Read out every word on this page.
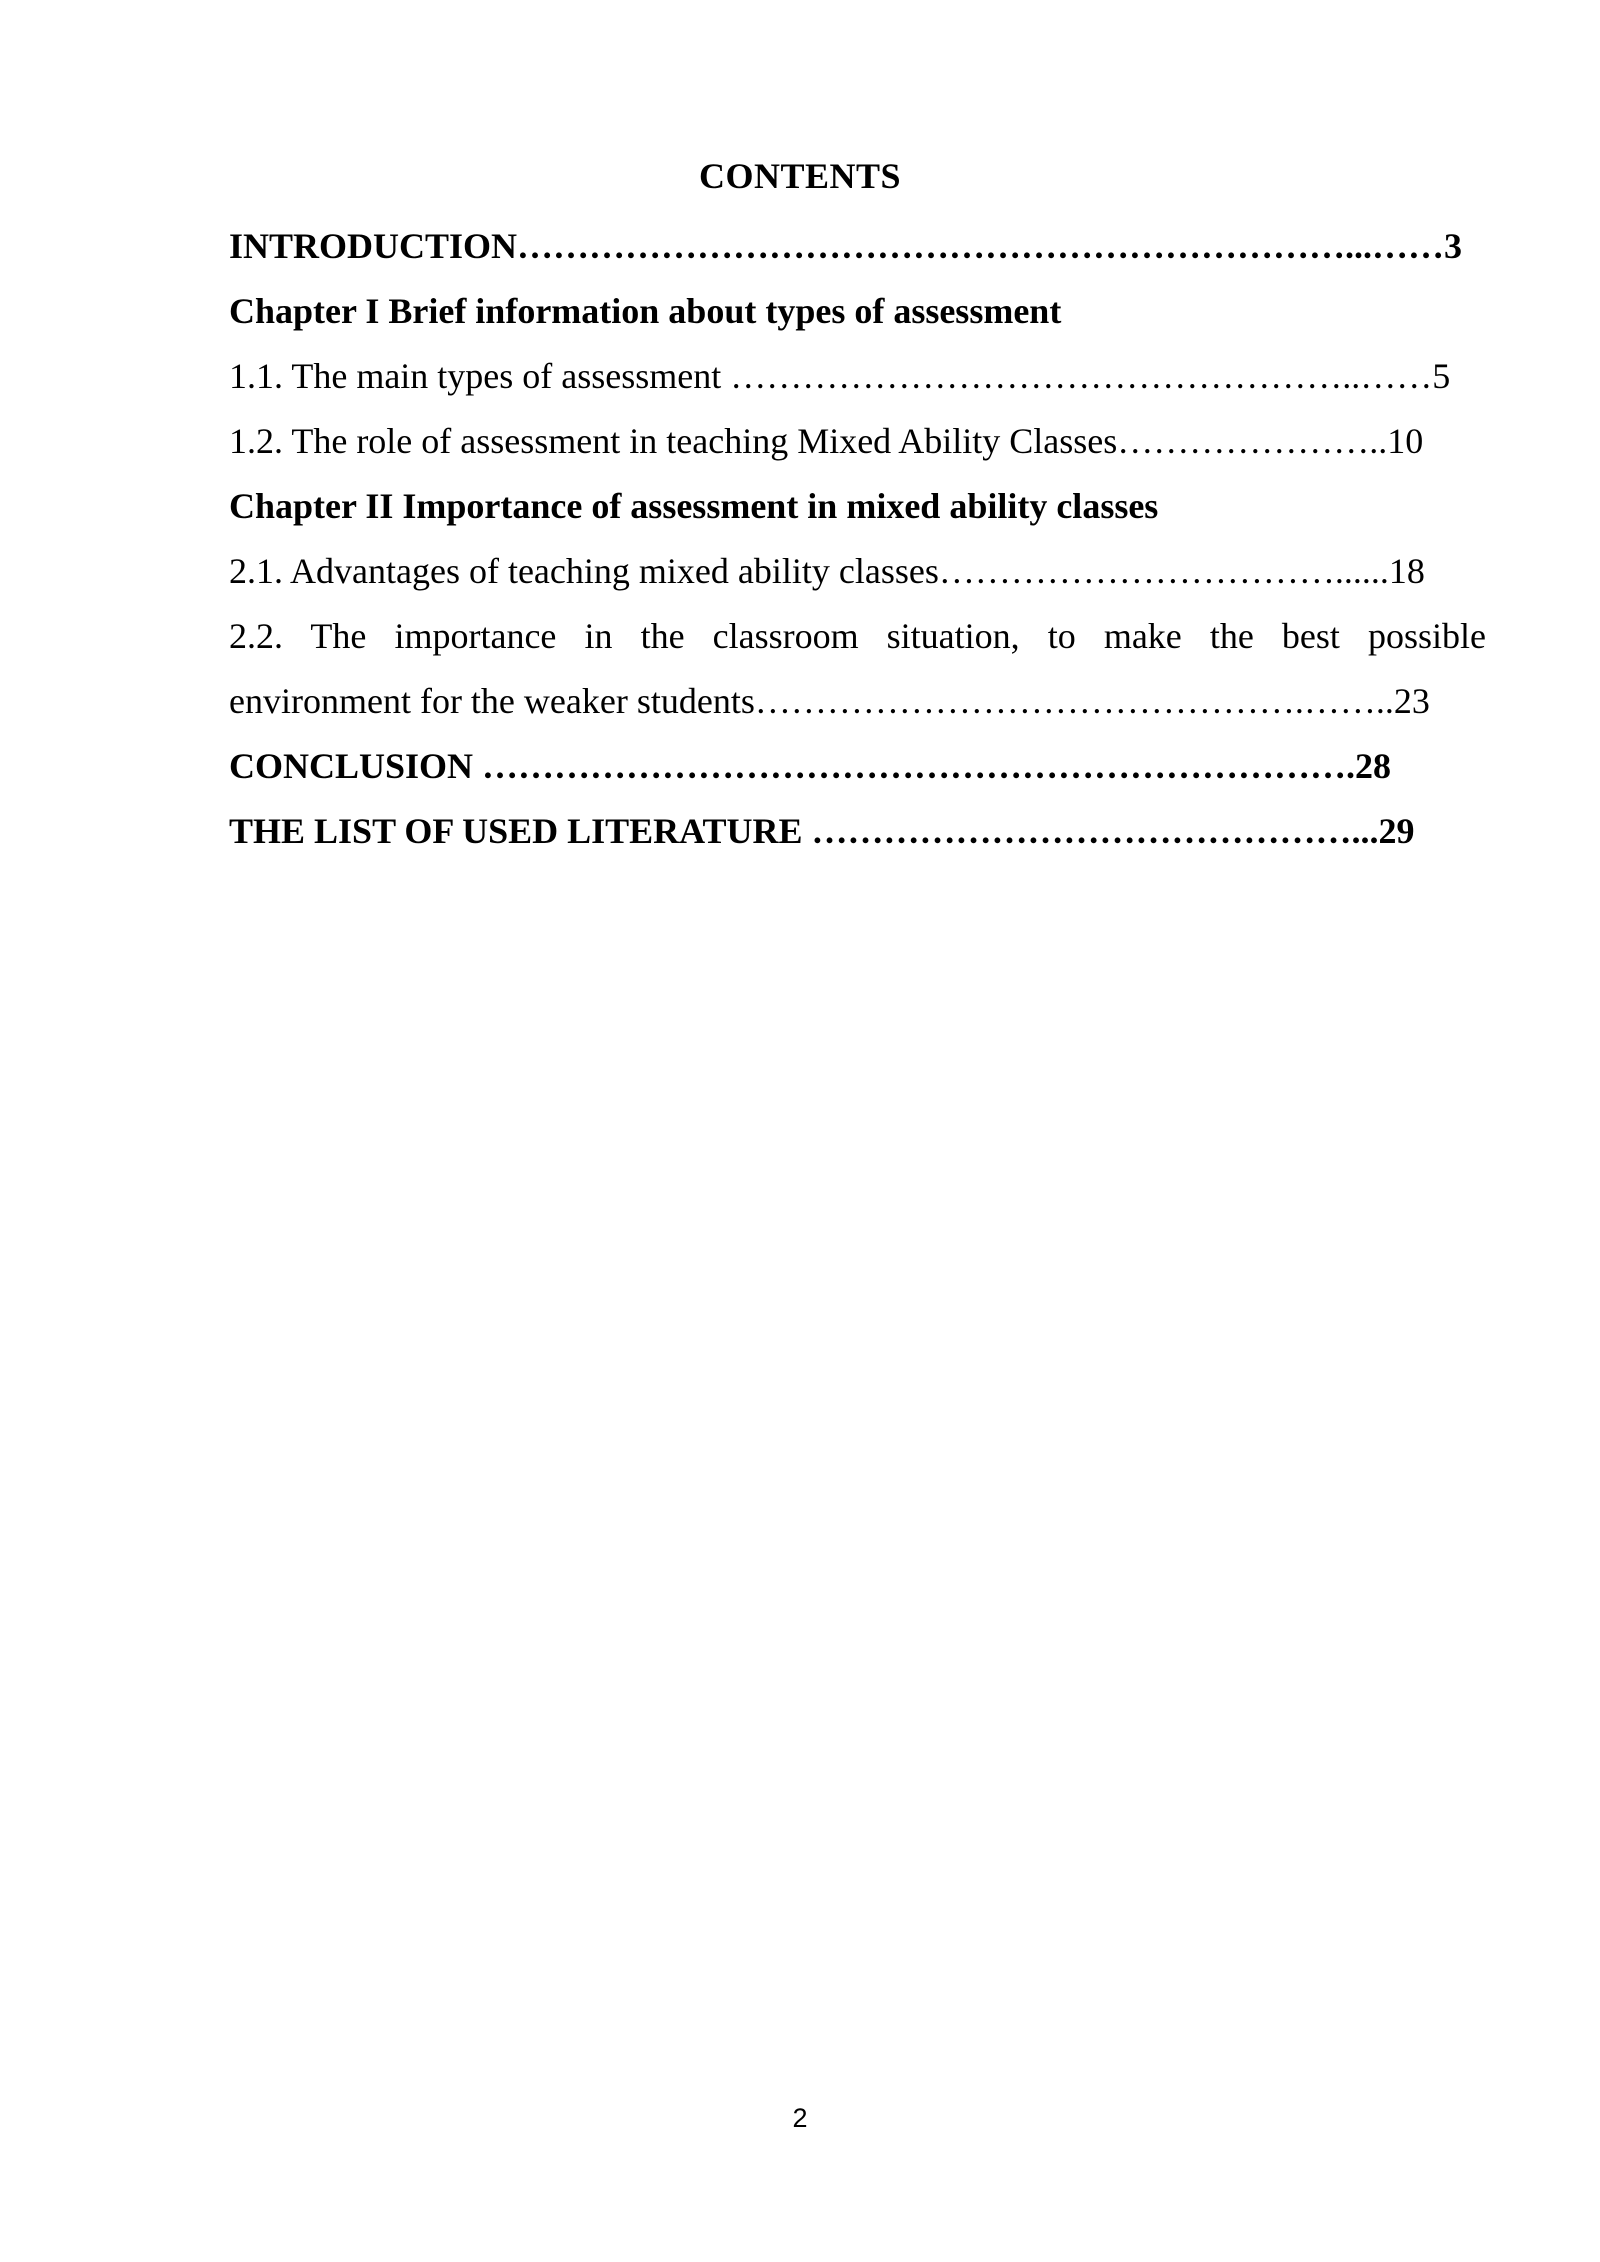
CONTENTS
INTRODUCTION……………………………………………………………...……3
Chapter I Brief information about types of assessment
1.1. The main types of assessment ……………………………………………..……5
1.2. The role of assessment in teaching Mixed Ability Classes…………………..10
Chapter II Importance of assessment in mixed ability classes
2.1. Advantages of teaching mixed ability classes……………………………......18
2.2. The importance in the classroom situation, to make the best possible
environment for the weaker students……………………………………….……..23
CONCLUSION ……………………………………………………………….28
THE LIST OF USED LITERATURE ………………………………………...29
2
